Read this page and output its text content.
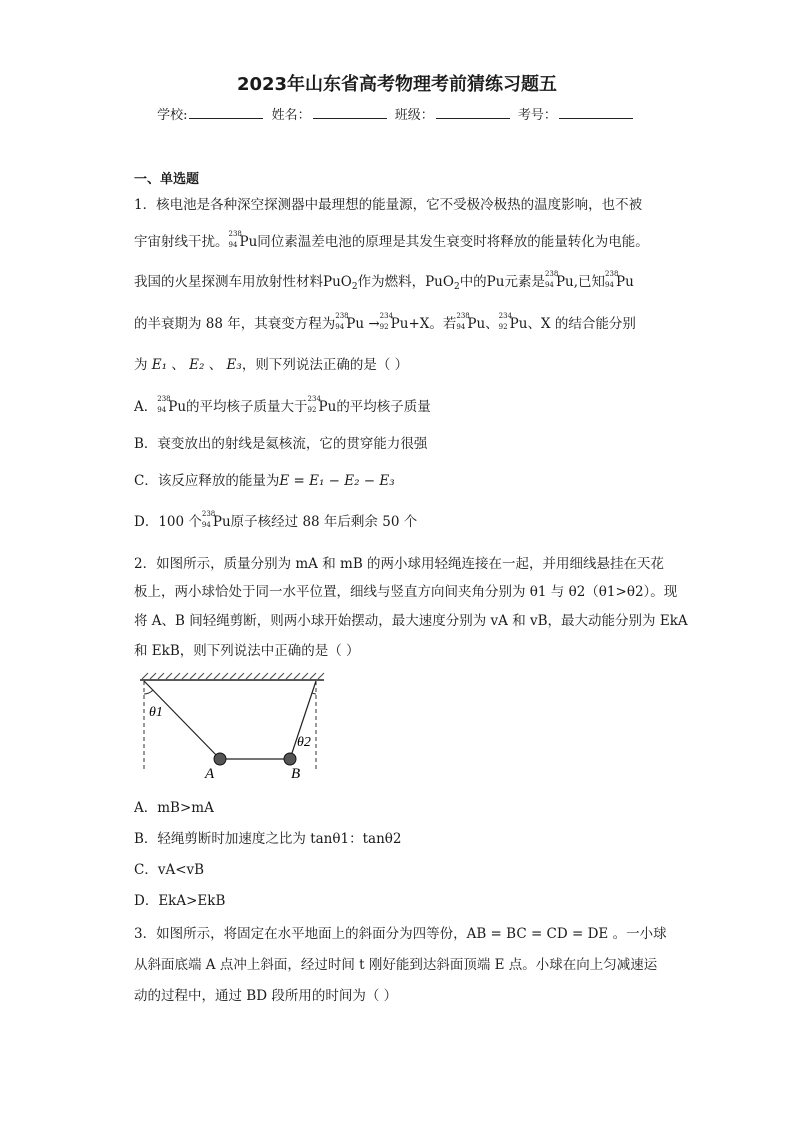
2023年山东省高考物理考前猜练习题五
学校:	姓名：	班级：	考号：
一、单选题
1．核电池是各种深空探测器中最理想的能量源，它不受极冷极热的温度影响，也不被
宇宙射线干扰。 238
94 Pu同位素温差电池的原理是其发生衰变时将释放的能量转化为电能。
我国的火星探测车用放射性材料PuO$_2$作为燃料，PuO$_2$中的Pu元素是 238
94 Pu,已知 238
94 Pu
的半衰期为 88 年，其衰变方程为 238
94 Pu → 234
92 Pu+X。若 238
94 Pu、 234
92 Pu、X 的结合能分别
为 E₁ 、 E₂ 、 E₃，则下列说法正确的是（ ）
A． 238
94 Pu的平均核子质量大于 234
92 Pu的平均核子质量
B．衰变放出的射线是氦核流，它的贯穿能力很强
C．该反应释放的能量为E = E₁ − E₂ − E₃
D．100 个 238
94 Pu原子核经过 88 年后剩余 50 个
2．如图所示，质量分别为 mA 和 mB 的两小球用轻绳连接在一起，并用细线悬挂在天花
板上，两小球恰处于同一水平位置，细线与竖直方向间夹角分别为 θ1 与 θ2（θ1>θ2）。现
将 A、B 间轻绳剪断，则两小球开始摆动，最大速度分别为 vA 和 vB，最大动能分别为 EkA
和 EkB，则下列说法中正确的是（ ）
θ1
θ2
A	B
A．mB>mA
B．轻绳剪断时加速度之比为 tanθ1：tanθ2
C．vA<vB
D．EkA>EkB
3．如图所示，将固定在水平地面上的斜面分为四等份，AB = BC = CD = DE 。一小球
从斜面底端 A 点冲上斜面，经过时间 t 刚好能到达斜面顶端 E 点。小球在向上匀减速运
动的过程中，通过 BD 段所用的时间为（ ）
